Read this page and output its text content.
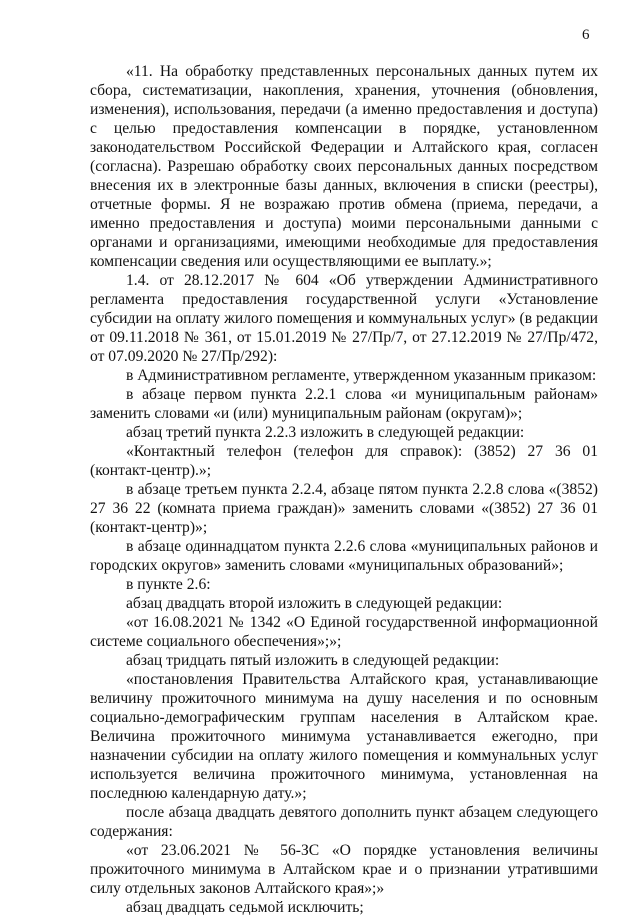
6

«11. На обработку представленных персональных данных путем их сбора, систематизации, накопления, хранения, уточнения (обновления, изменения), использования, передачи (а именно предоставления и доступа) с целью предоставления компенсации в порядке, установленном законодательством Российской Федерации и Алтайского края, согласен (согласна). Разрешаю обработку своих персональных данных посредством внесения их в электронные базы данных, включения в списки (реестры), отчетные формы. Я не возражаю против обмена (приема, передачи, а именно предоставления и доступа) моими персональными данными с органами и организациями, имеющими необходимые для предоставления компенсации сведения или осуществляющими ее выплату.»;

1.4. от 28.12.2017 № 604 «Об утверждении Административного регламента предоставления государственной услуги «Установление субсидии на оплату жилого помещения и коммунальных услуг» (в редакции от 09.11.2018 № 361, от 15.01.2019 № 27/Пр/7, от 27.12.2019 № 27/Пр/472, от 07.09.2020 № 27/Пр/292):

в Административном регламенте, утвержденном указанным приказом:

в абзаце первом пункта 2.2.1 слова «и муниципальным районам» заменить словами «и (или) муниципальным районам (округам)»;

абзац третий пункта 2.2.3 изложить в следующей редакции:

«Контактный телефон (телефон для справок): (3852) 27 36 01 (контакт-центр).»;

в абзаце третьем пункта 2.2.4, абзаце пятом пункта 2.2.8 слова «(3852) 27 36 22 (комната приема граждан)» заменить словами «(3852) 27 36 01 (контакт-центр)»;

в абзаце одиннадцатом пункта 2.2.6 слова «муниципальных районов и городских округов» заменить словами «муниципальных образований»;

в пункте 2.6:

абзац двадцать второй изложить в следующей редакции:

«от 16.08.2021 № 1342 «О Единой государственной информационной системе социального обеспечения»;»;

абзац тридцать пятый изложить в следующей редакции:

«постановления Правительства Алтайского края, устанавливающие величину прожиточного минимума на душу населения и по основным социально-демографическим группам населения в Алтайском крае. Величина прожиточного минимума устанавливается ежегодно, при назначении субсидии на оплату жилого помещения и коммунальных услуг используется величина прожиточного минимума, установленная на последнюю календарную дату.»;

после абзаца двадцать девятого дополнить пункт абзацем следующего содержания:

«от 23.06.2021 № 56-ЗС «О порядке установления величины прожиточного минимума в Алтайском крае и о признании утратившими силу отдельных законов Алтайского края»;»

абзац двадцать седьмой исключить;
